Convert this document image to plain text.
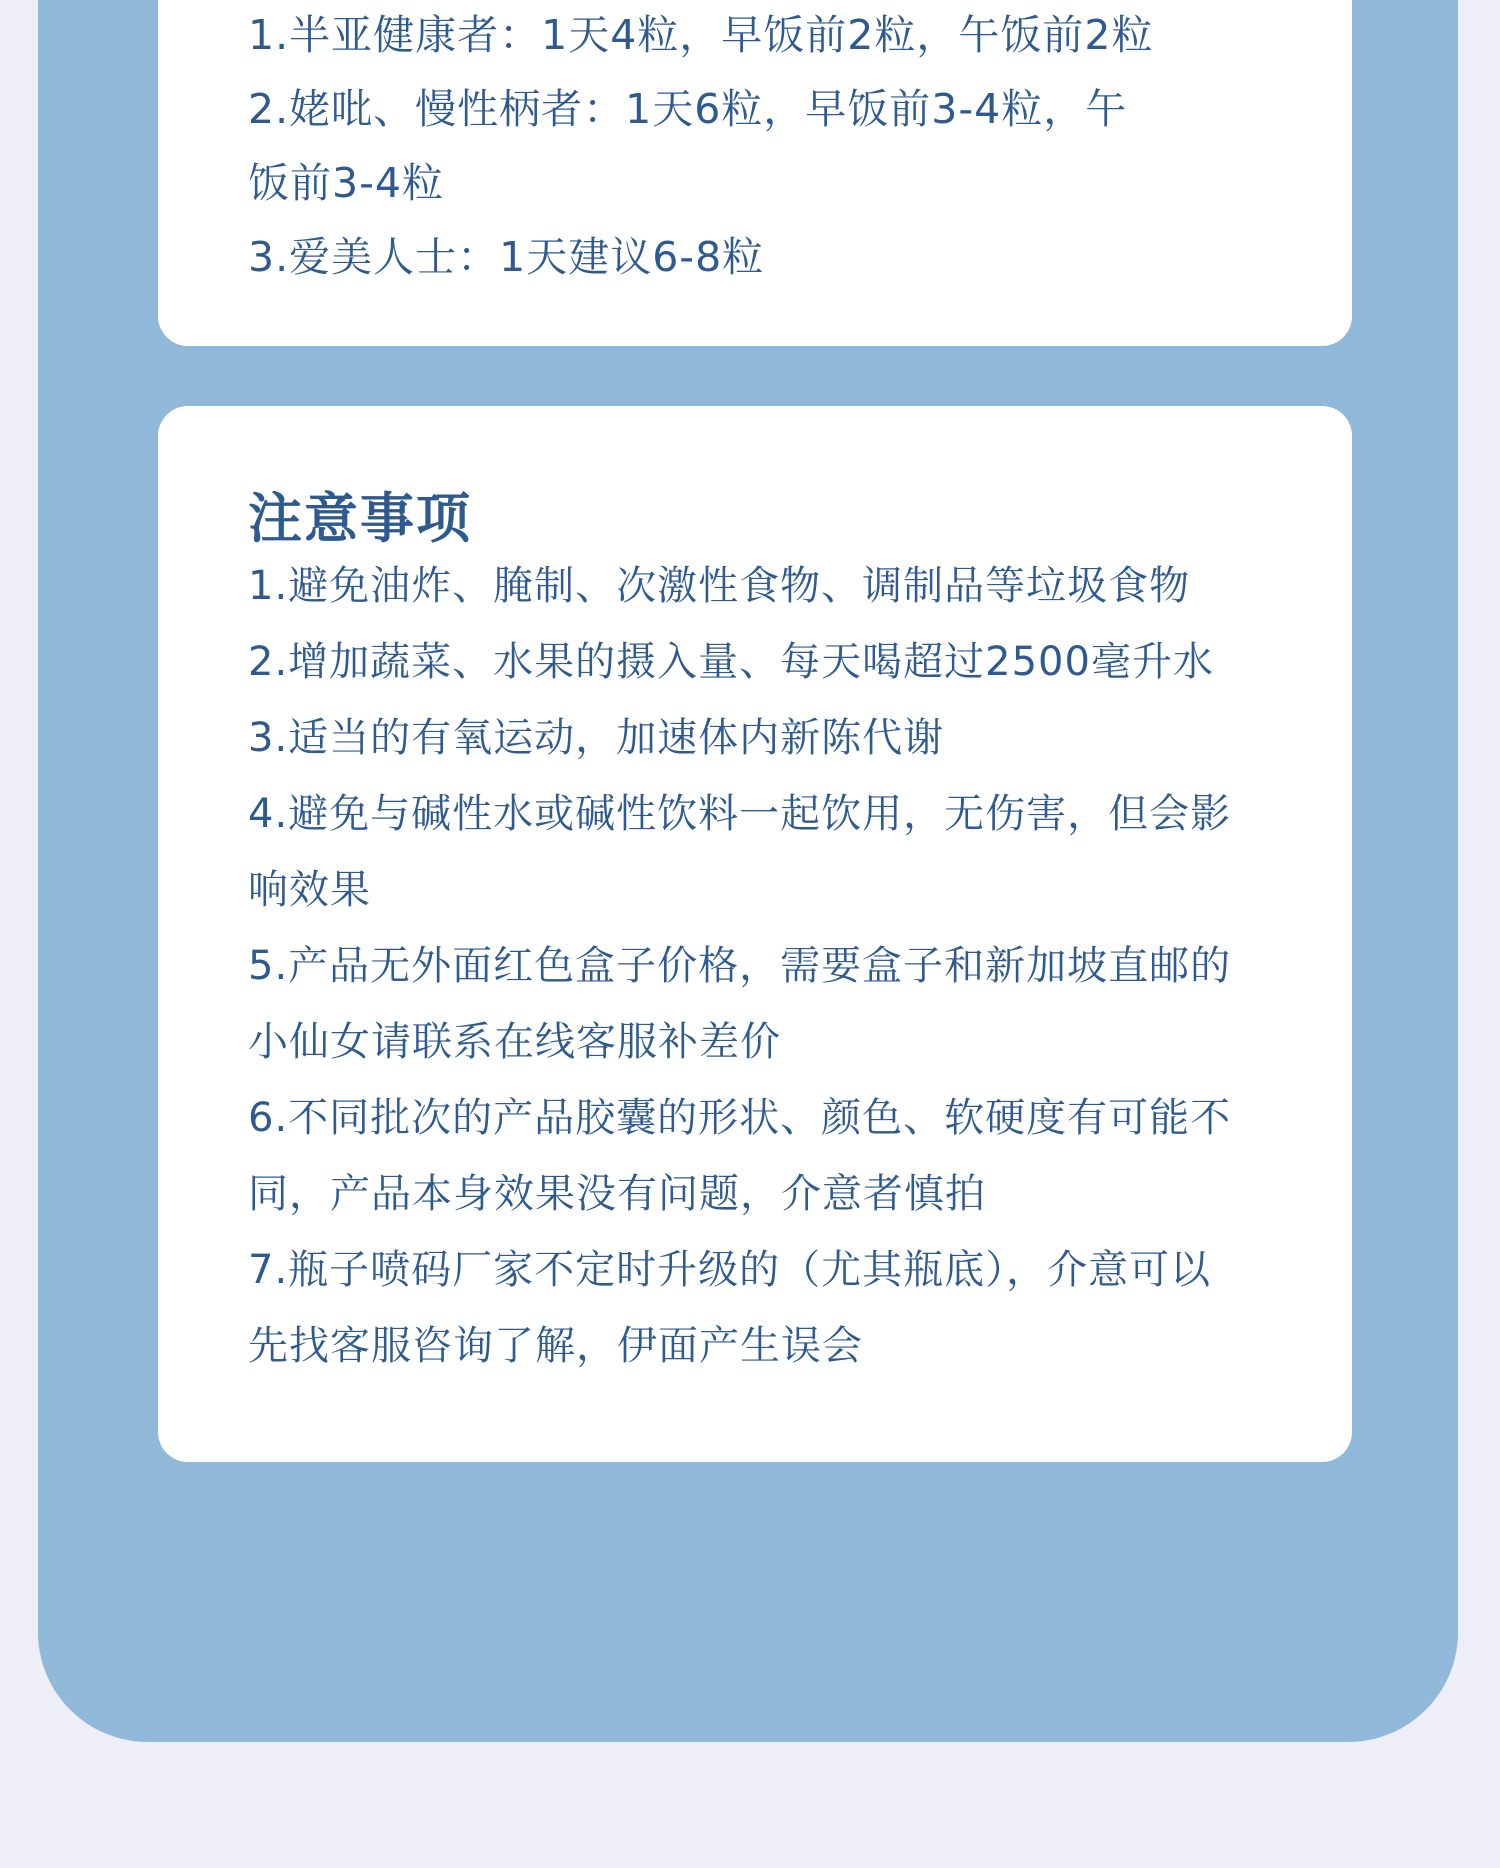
1.半亚健康者：1天4粒，早饭前2粒，午饭前2粒
2.姥吡、慢性柄者：1天6粒，早饭前3-4粒，午
饭前3-4粒
3.爱美人士：1天建议6-8粒
注意事项
1.避免油炸、腌制、次激性食物、调制品等垃圾食物
2.增加蔬菜、水果的摄入量、每天喝超过2500毫升水
3.适当的有氧运动，加速体内新陈代谢
4.避免与碱性水或碱性饮料一起饮用，无伤害，但会影
响效果
5.产品无外面红色盒子价格，需要盒子和新加坡直邮的
小仙女请联系在线客服补差价
6.不同批次的产品胶囊的形状、颜色、软硬度有可能不
同，产品本身效果没有问题，介意者慎拍
7.瓶子喷码厂家不定时升级的（尤其瓶底），介意可以
先找客服咨询了解，伊面产生误会
